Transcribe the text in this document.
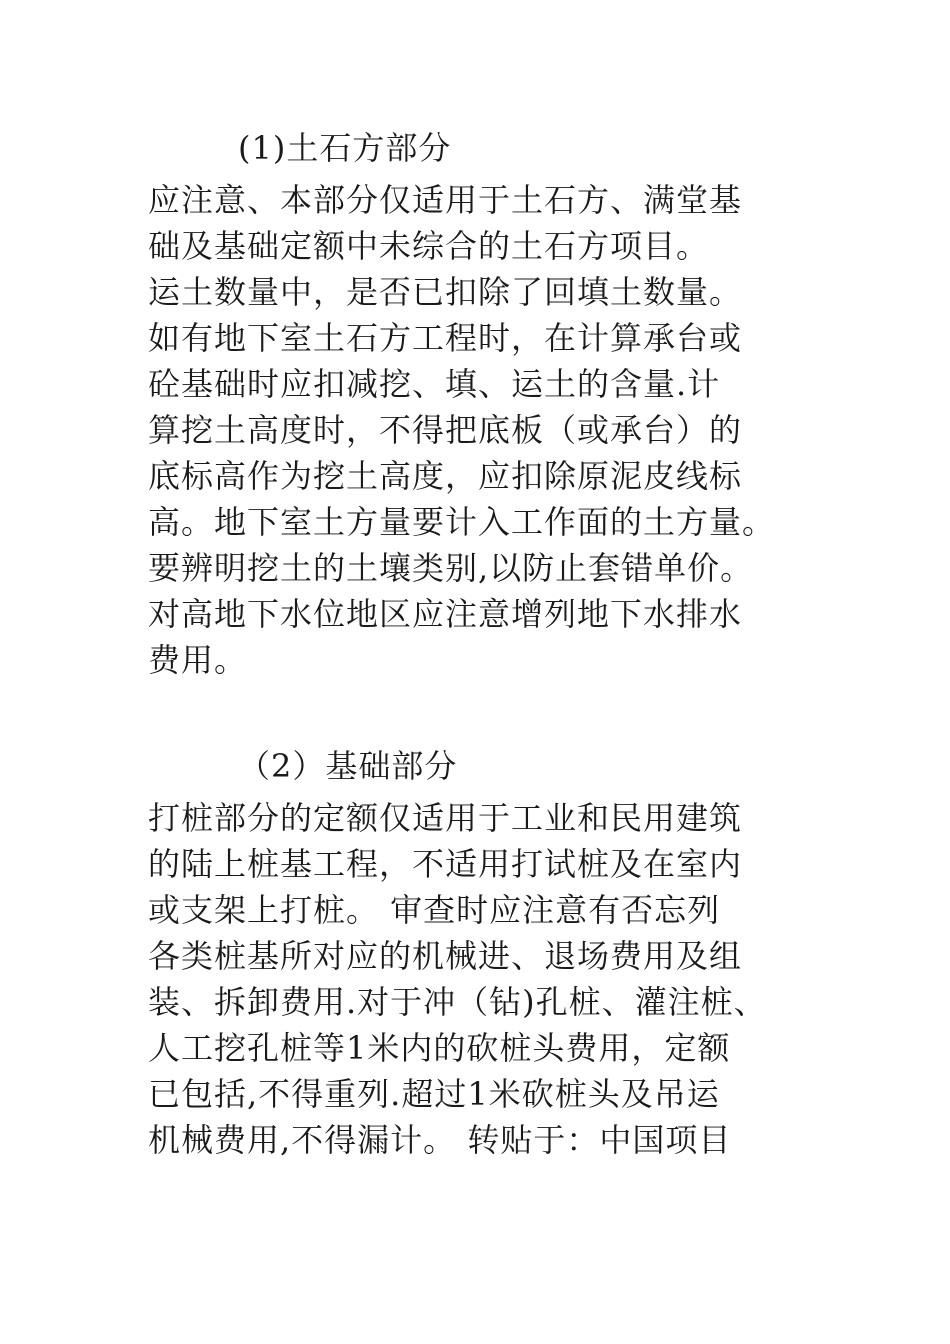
(1)土石方部分
应注意、本部分仅适用于土石方、满堂基
础及基础定额中未综合的土石方项目。
运土数量中，是否已扣除了回填土数量。
如有地下室土石方工程时，在计算承台或
砼基础时应扣减挖、填、运土的含量.计
算挖土高度时，不得把底板（或承台）的
底标高作为挖土高度，应扣除原泥皮线标
高。地下室土方量要计入工作面的土方量。
要辨明挖土的土壤类别,以防止套错单价。
对高地下水位地区应注意增列地下水排水
费用。
（2）基础部分
打桩部分的定额仅适用于工业和民用建筑
的陆上桩基工程，不适用打试桩及在室内
或支架上打桩。 审查时应注意有否忘列
各类桩基所对应的机械进、退场费用及组
装、拆卸费用.对于冲（钻)孔桩、灌注桩、
人工挖孔桩等1米内的砍桩头费用，定额
已包括,不得重列.超过1米砍桩头及吊运
机械费用,不得漏计。 转贴于：中国项目
